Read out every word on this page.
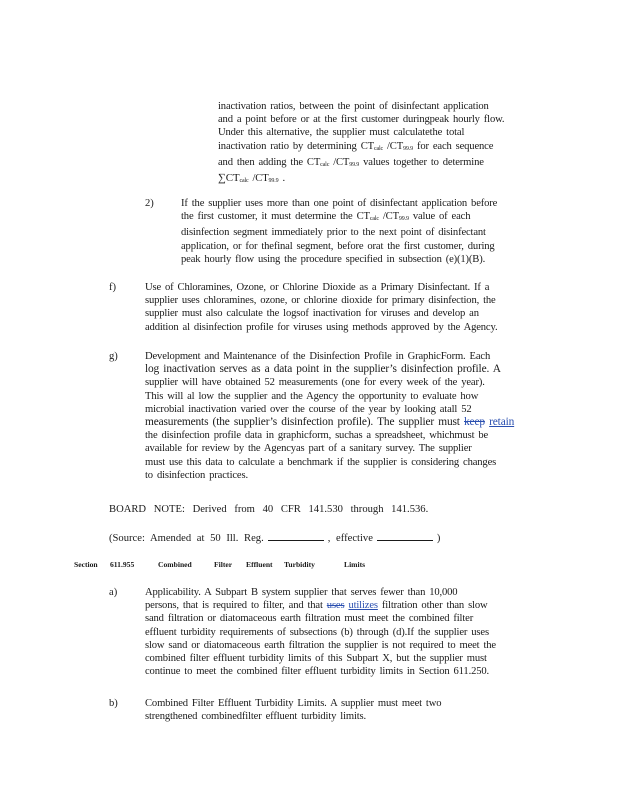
inactivation ratios, between the point of disinfectant application
and a point before or at the first customer duringpeak hourly flow.
Under this alternative, the supplier must calculatethe total
inactivation ratio by determining CTcalc /CT99.9 for each sequence
and then adding the CTcalc /CT99.9 values together to determine
∑CTcalc /CT99.9 .
2)	If the supplier uses more than one point of disinfectant application before
the first customer, it must determine the CTcalc /CT99.9 value of each
disinfection segment immediately prior to the next point of disinfectant
application, or for thefinal segment, before orat the first customer, during
peak hourly flow using the procedure specified in subsection (e)(1)(B).
f)	Use of Chloramines, Ozone, or Chlorine Dioxide as a Primary Disinfectant. If a
supplier uses chloramines, ozone, or chlorine dioxide for primary disinfection, the
supplier must also calculate the logsof inactivation for viruses and develop an
addition al disinfection profile for viruses using methods approved by the Agency.
g)	Development and Maintenance of the Disinfection Profile in GraphicForm. Each
log inactivation serves as a data point in the supplier’s disinfection profile. A
supplier will have obtained 52 measurements (one for every week of the year).
This will al low the supplier and the Agency the opportunity to evaluate how
microbial inactivation varied over the course of the year by looking atall 52
measurements (the supplier’s disinfection profile). The supplier must keep retain
the disinfection profile data in graphicform, suchas a spreadsheet, whichmust be
available for review by the Agencyas part of a sanitary survey. The supplier
must use this data to calculate a benchmark if the supplier is considering changes
to disinfection practices.
BOARD NOTE: Derived from 40 CFR 141.530 through 141.536.
(Source: Amended at 50 Ill. Reg.	, effective	)
Section 611.955	Combined	Filter Effluent Turbidity	Limits
a)	Applicability. A Subpart B system supplier that serves fewer than 10,000
persons, that is required to filter, and that uses utilizes filtration other than slow
sand filtration or diatomaceous earth filtration must meet the combined filter
effluent turbidity requirements of subsections (b) through (d).If the supplier uses
slow sand or diatomaceous earth filtration the supplier is not required to meet the
combined filter effluent turbidity limits of this Subpart X, but the supplier must
continue to meet the combined filter effluent turbidity limits in Section 611.250.
b)	Combined Filter Effluent Turbidity Limits. A supplier must meet two
strengthened combinedfilter effluent turbidity limits.
